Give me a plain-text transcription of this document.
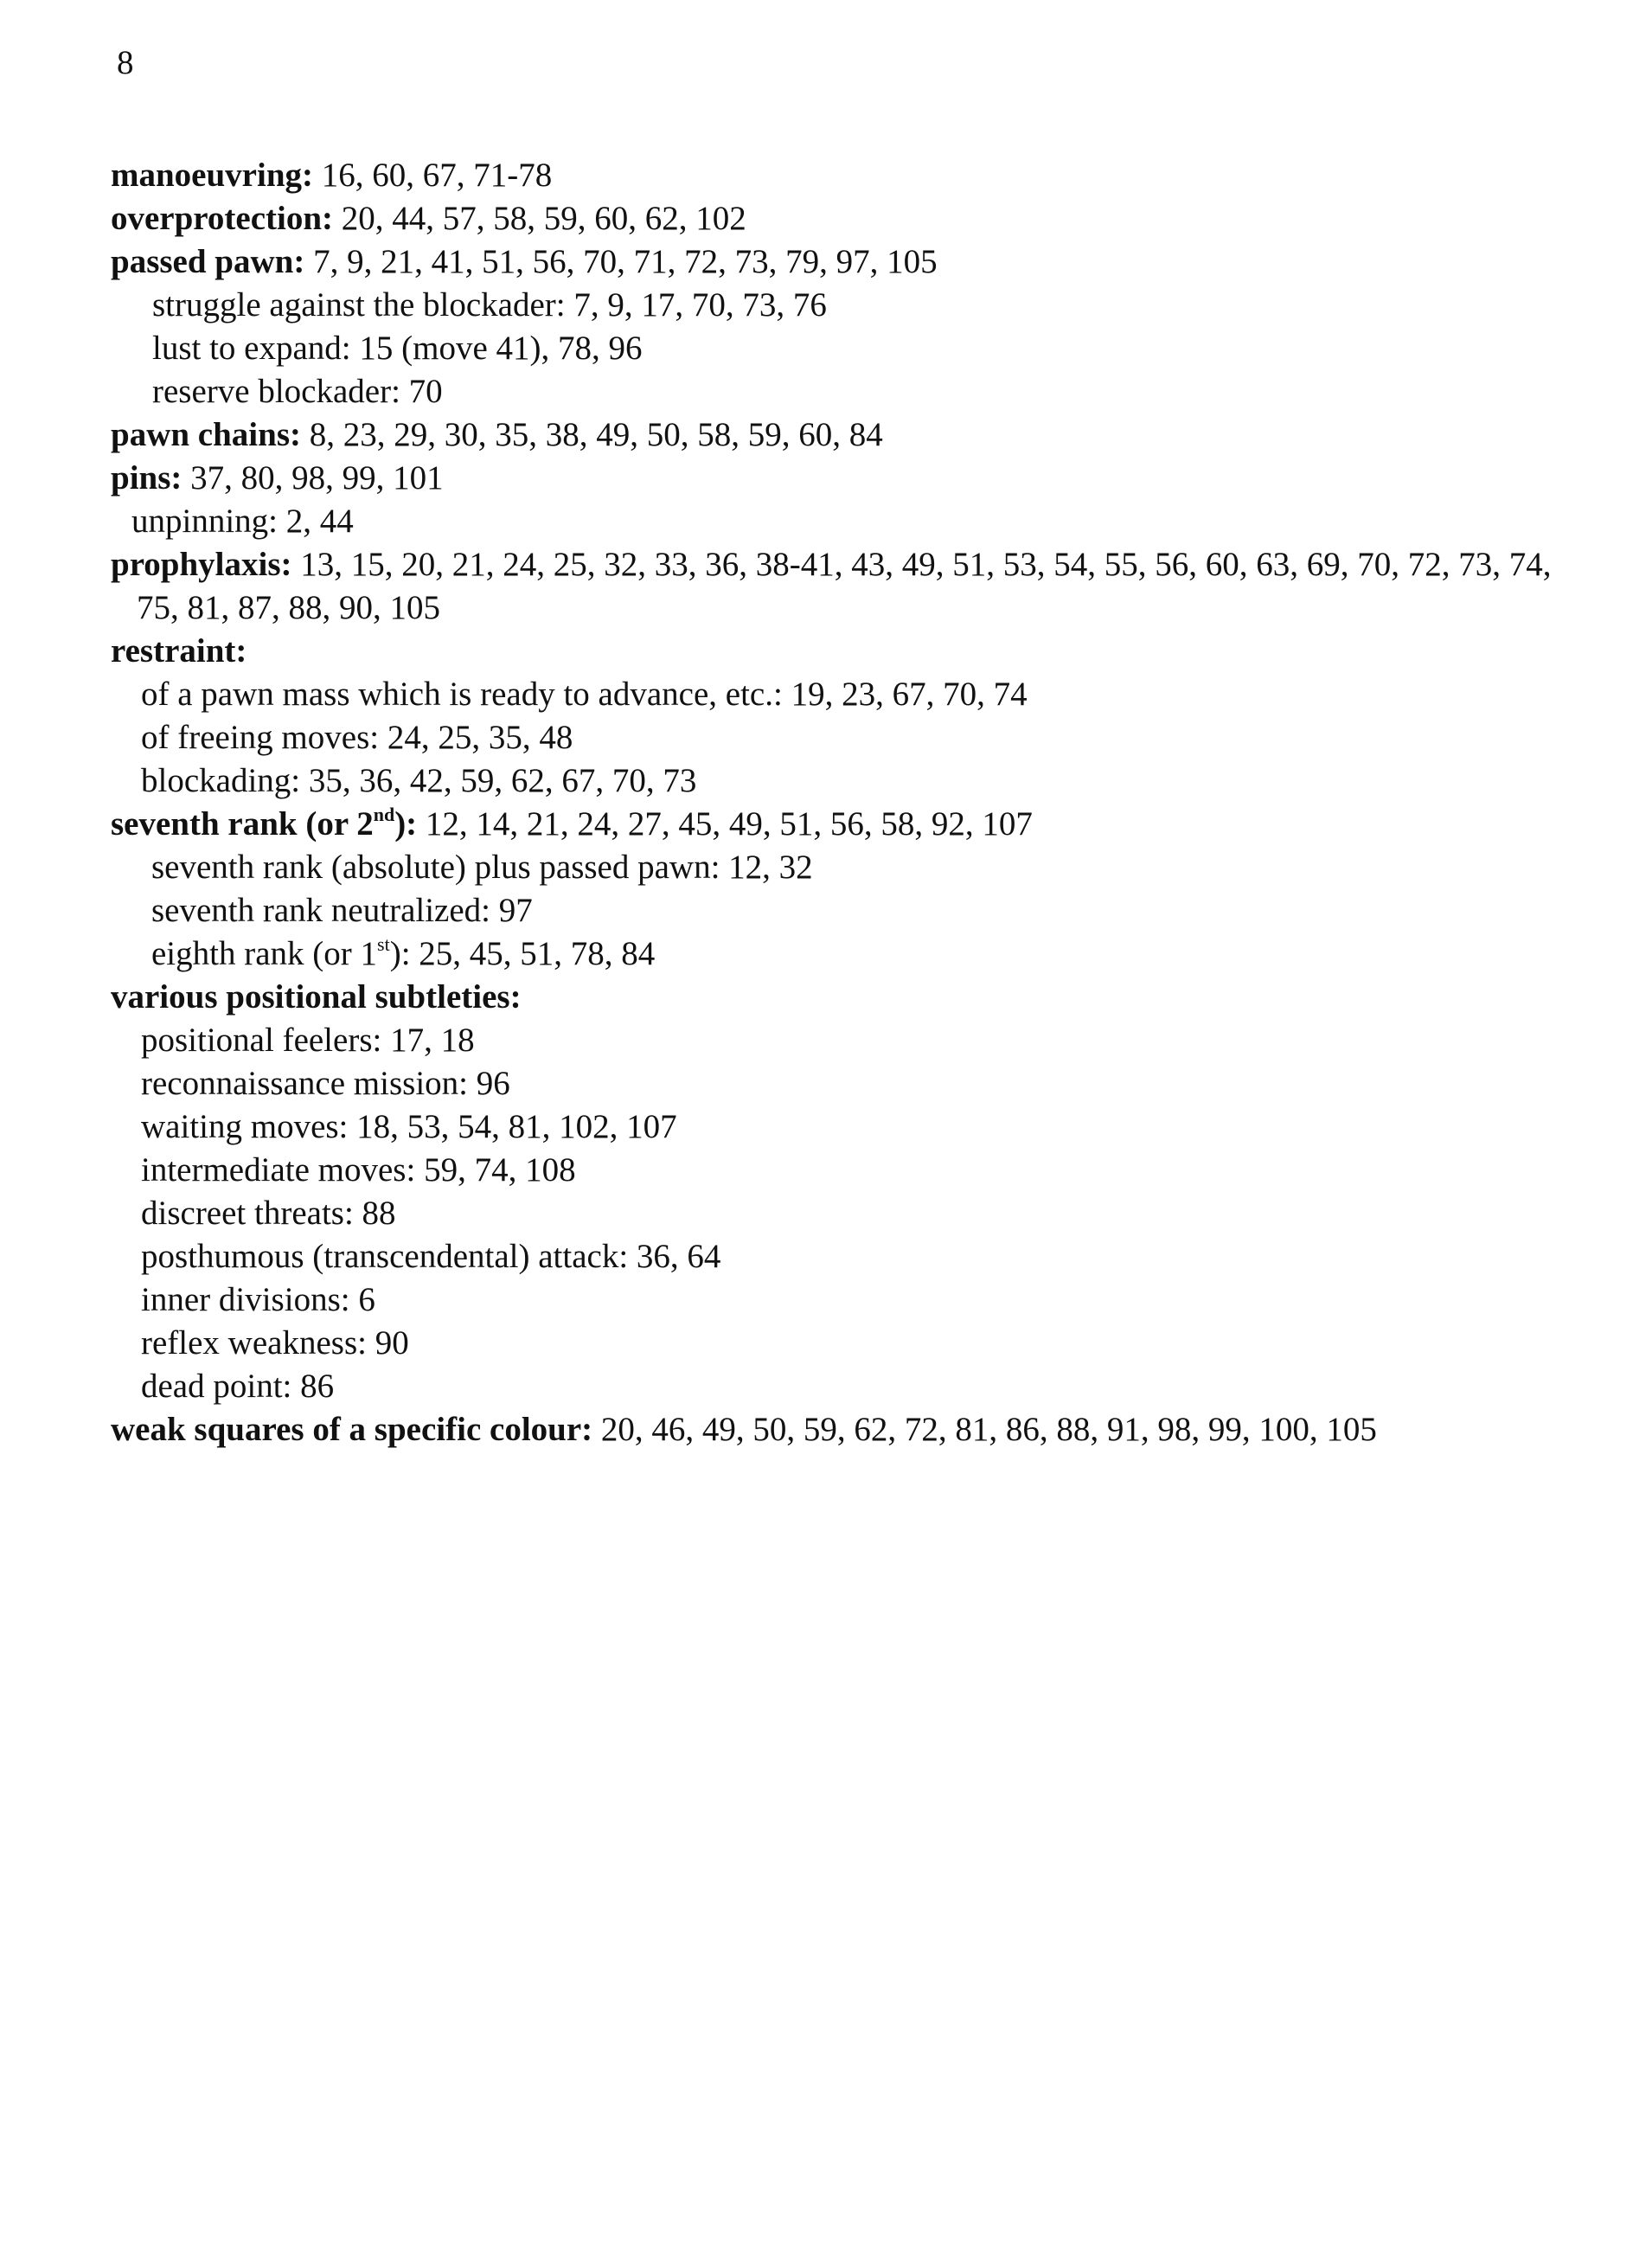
8
manoeuvring: 16, 60, 67, 71-78
overprotection: 20, 44, 57, 58, 59, 60, 62, 102
passed pawn: 7, 9, 21, 41, 51, 56, 70, 71, 72, 73, 79, 97, 105
struggle against the blockader: 7, 9, 17, 70, 73, 76
lust to expand: 15 (move 41), 78, 96
reserve blockader: 70
pawn chains: 8, 23, 29, 30, 35, 38, 49, 50, 58, 59, 60, 84
pins: 37, 80, 98, 99, 101
unpinning: 2, 44
prophylaxis: 13, 15, 20, 21, 24, 25, 32, 33, 36, 38-41, 43, 49, 51, 53, 54, 55, 56, 60, 63, 69, 70, 72, 73, 74, 75, 81, 87, 88, 90, 105
restraint:
of a pawn mass which is ready to advance, etc.: 19, 23, 67, 70, 74
of freeing moves: 24, 25, 35, 48
blockading: 35, 36, 42, 59, 62, 67, 70, 73
seventh rank (or 2nd): 12, 14, 21, 24, 27, 45, 49, 51, 56, 58, 92, 107
seventh rank (absolute) plus passed pawn: 12, 32
seventh rank neutralized: 97
eighth rank (or 1st): 25, 45, 51, 78, 84
various positional subtleties:
positional feelers: 17, 18
reconnaissance mission: 96
waiting moves: 18, 53, 54, 81, 102, 107
intermediate moves: 59, 74, 108
discreet threats: 88
posthumous (transcendental) attack: 36, 64
inner divisions: 6
reflex weakness: 90
dead point: 86
weak squares of a specific colour: 20, 46, 49, 50, 59, 62, 72, 81, 86, 88, 91, 98, 99, 100, 105
